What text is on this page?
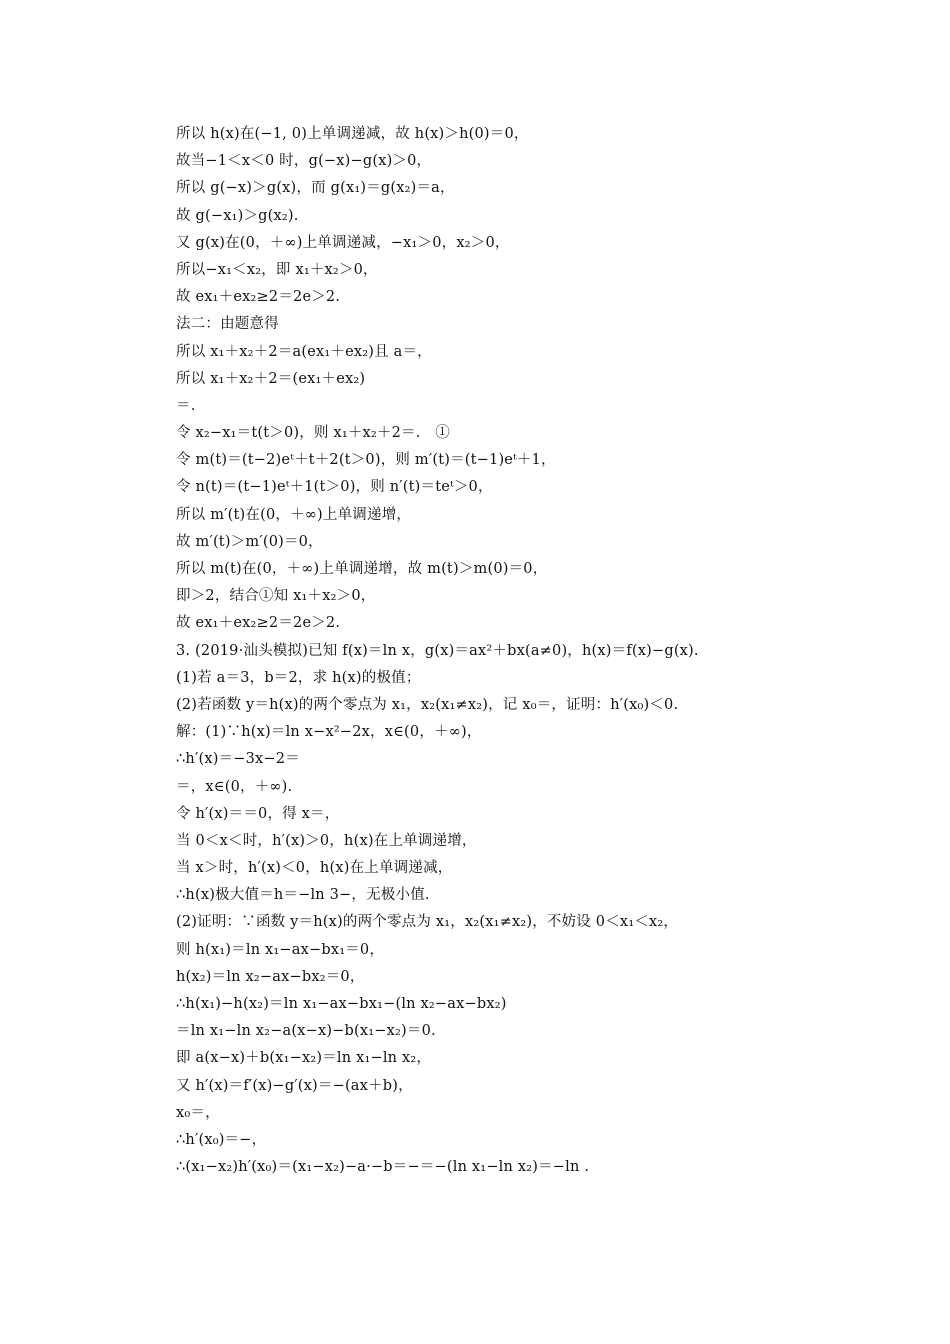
所以 h(x)在(−1, 0)上单调递减，故 h(x)＞h(0)＝0，
故当−1＜x＜0 时，g(−x)−g(x)＞0，
所以 g(−x)＞g(x)，而 g(x₁)＝g(x₂)＝a，
故 g(−x₁)＞g(x₂).
又 g(x)在(0，＋∞)上单调递减，−x₁＞0，x₂＞0，
所以−x₁＜x₂，即 x₁＋x₂＞0，
故 ex₁＋ex₂≥2＝2e＞2.
法二：由题意得
所以 x₁＋x₂＋2＝a(ex₁＋ex₂)且 a＝，
所以 x₁＋x₂＋2＝(ex₁＋ex₂)
＝.
令 x₂−x₁＝t(t＞0)，则 x₁＋x₂＋2＝.　①
令 m(t)＝(t−2)eᵗ＋t＋2(t＞0)，则 m′(t)＝(t−1)eᵗ＋1，
令 n(t)＝(t−1)eᵗ＋1(t＞0)，则 n′(t)＝teᵗ＞0，
所以 m′(t)在(0，＋∞)上单调递增，
故 m′(t)＞m′(0)＝0，
所以 m(t)在(0，＋∞)上单调递增，故 m(t)＞m(0)＝0，
即＞2，结合①知 x₁＋x₂＞0，
故 ex₁＋ex₂≥2＝2e＞2.
3. (2019·汕头模拟)已知 f(x)＝ln x，g(x)＝ax²＋bx(a≠0)，h(x)＝f(x)−g(x).
(1)若 a＝3，b＝2，求 h(x)的极值；
(2)若函数 y＝h(x)的两个零点为 x₁，x₂(x₁≠x₂)，记 x₀＝，证明：h′(x₀)＜0.
解：(1)∵h(x)＝ln x−x²−2x，x∈(0，＋∞)，
∴h′(x)＝−3x−2＝
＝，x∈(0，＋∞).
令 h′(x)＝＝0，得 x＝，
当 0＜x＜时，h′(x)＞0，h(x)在上单调递增，
当 x＞时，h′(x)＜0，h(x)在上单调递减，
∴h(x)极大值＝h＝−ln 3−，无极小值.
(2)证明：∵函数 y＝h(x)的两个零点为 x₁，x₂(x₁≠x₂)，不妨设 0＜x₁＜x₂，
则 h(x₁)＝ln x₁−ax−bx₁＝0，
h(x₂)＝ln x₂−ax−bx₂＝0，
∴h(x₁)−h(x₂)＝ln x₁−ax−bx₁−(ln x₂−ax−bx₂)
＝ln x₁−ln x₂−a(x−x)−b(x₁−x₂)＝0.
即 a(x−x)＋b(x₁−x₂)＝ln x₁−ln x₂，
又 h′(x)＝f′(x)−g′(x)＝−(ax＋b)，
x₀＝，
∴h′(x₀)＝−，
∴(x₁−x₂)h′(x₀)＝(x₁−x₂)−a·−b＝−＝−(ln x₁−ln x₂)＝−ln .
